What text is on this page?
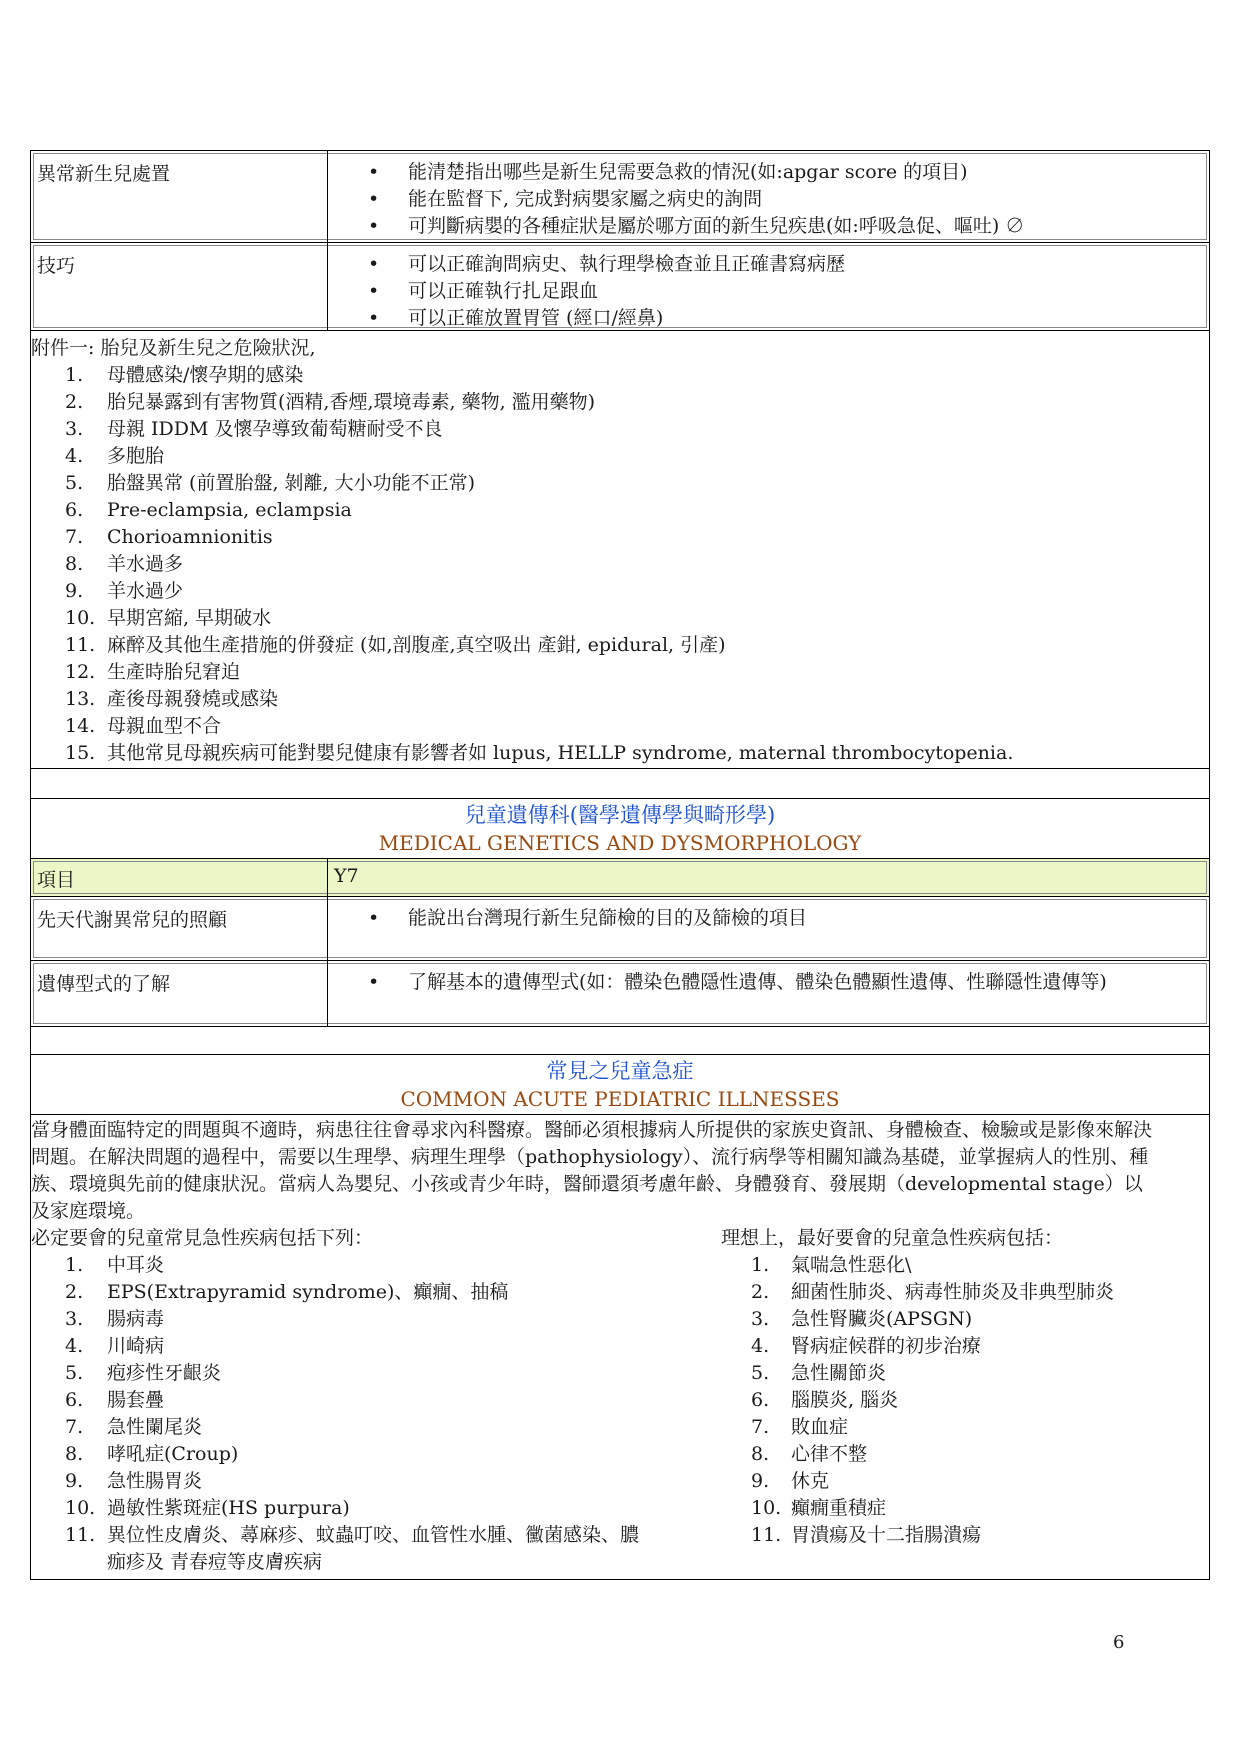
異常新生兒處置	• 能清楚指出哪些是新生兒需要急救的情況(如:apgar score 的項目)
• 能在監督下, 完成對病嬰家屬之病史的詢問
• 可判斷病嬰的各種症狀是屬於哪方面的新生兒疾患(如:呼吸急促、嘔吐) ∅
技巧	• 可以正確詢問病史、執行理學檢查並且正確書寫病歷
• 可以正確執行扎足跟血
• 可以正確放置胃管 (經口/經鼻)
附件一: 胎兒及新生兒之危險狀況,
1. 母體感染/懷孕期的感染
2. 胎兒暴露到有害物質(酒精,香煙,環境毒素, 藥物, 濫用藥物)
3. 母親 IDDM 及懷孕導致葡萄糖耐受不良
4. 多胞胎
5. 胎盤異常 (前置胎盤, 剝離, 大小功能不正常)
6. Pre-eclampsia, eclampsia
7. Chorioamnionitis
8. 羊水過多
9. 羊水過少
10. 早期宮縮, 早期破水
11. 麻醉及其他生產措施的併發症 (如,剖腹產,真空吸出 產鉗, epidural, 引產)
12. 生產時胎兒窘迫
13. 產後母親發燒或感染
14. 母親血型不合
15. 其他常見母親疾病可能對嬰兒健康有影響者如 lupus, HELLP syndrome, maternal thrombocytopenia.
兒童遺傳科(醫學遺傳學與畸形學)
MEDICAL GENETICS AND DYSMORPHOLOGY
項目	Y7
先天代謝異常兒的照顧	• 能說出台灣現行新生兒篩檢的目的及篩檢的項目
遺傳型式的了解	• 了解基本的遺傳型式(如：體染色體隱性遺傳、體染色體顯性遺傳、性聯隱性遺傳等)
常見之兒童急症
COMMON ACUTE PEDIATRIC ILLNESSES
當身體面臨特定的問題與不適時，病患往往會尋求內科醫療。醫師必須根據病人所提供的家族史資訊、身體檢查、檢驗或是影像來解決問題。在解決問題的過程中，需要以生理學、病理生理學（pathophysiology）、流行病學等相關知識為基礎，並掌握病人的性別、種族、環境與先前的健康狀況。當病人為嬰兒、小孩或青少年時，醫師還須考慮年齡、身體發育、發展期（developmental stage）以及家庭環境。
必定要會的兒童常見急性疾病包括下列：
1. 中耳炎
2. EPS(Extrapyramid syndrome)、癲癇、抽稿
3. 腸病毒
4. 川崎病
5. 疱疹性牙齦炎
6. 腸套疊
7. 急性闌尾炎
8. 哮吼症(Croup)
9. 急性腸胃炎
10. 過敏性紫斑症(HS purpura)
11. 異位性皮膚炎、蕁麻疹、蚊蟲叮咬、血管性水腫、黴菌感染、膿痂疹及 青春痘等皮膚疾病
理想上，最好要會的兒童急性疾病包括：
1. 氣喘急性惡化\
2. 細菌性肺炎、病毒性肺炎及非典型肺炎
3. 急性腎臟炎(APSGN)
4. 腎病症候群的初步治療
5. 急性關節炎
6. 腦膜炎, 腦炎
7. 敗血症
8. 心律不整
9. 休克
10. 癲癇重積症
11. 胃潰瘍及十二指腸潰瘍
6
